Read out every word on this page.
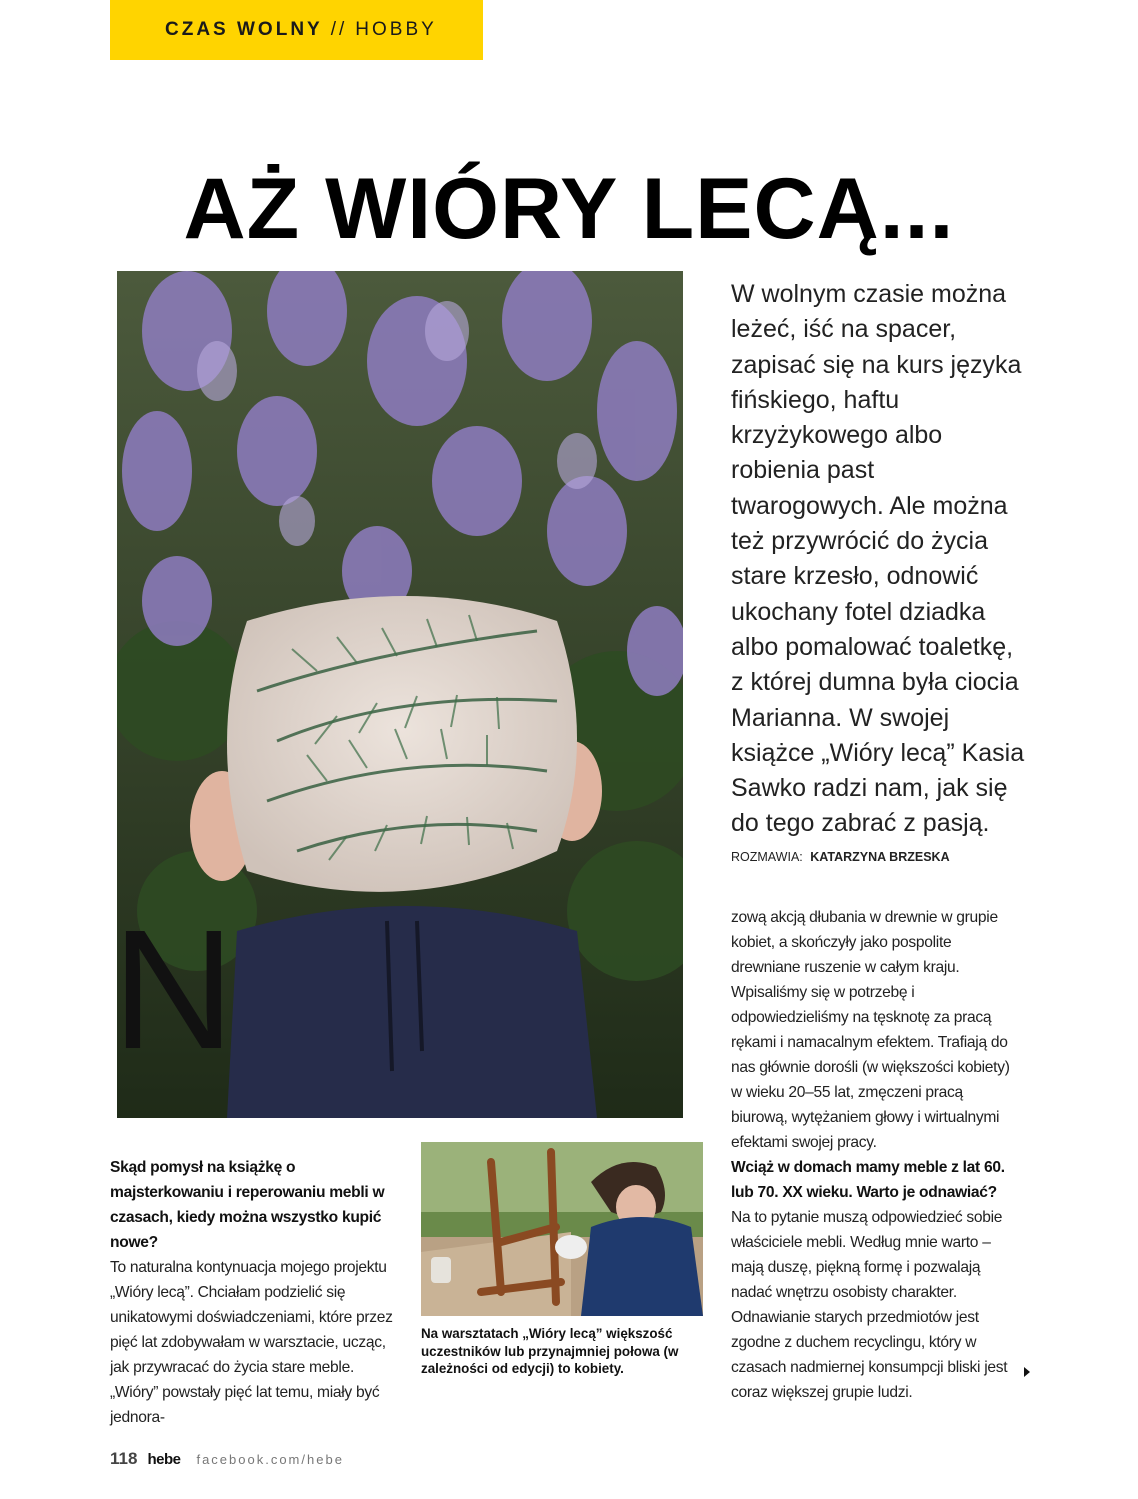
CZAS WOLNY // HOBBY
AŻ WIÓRY LECĄ...
N

W wolnym czasie można leżeć, iść na spacer, zapisać się na kurs języka fińskiego, haftu krzyżykowego albo robienia past twarogowych. Ale można też przywrócić do życia stare krzesło, odnowić ukochany fotel dziadka albo pomalować toaletkę, z której dumna była ciocia Marianna. W swojej książce „Wióry lecą” Kasia Sawko radzi nam, jak się do tego zabrać z pasją.

ROZMAWIA: KATARZYNA BRZESKA

Skąd pomysł na książkę o majsterkowaniu i reperowaniu mebli w czasach, kiedy można wszystko kupić nowe?

To naturalna kontynuacja mojego projektu „Wióry lecą”. Chciałam podzielić się unikatowymi doświadczeniami, które przez pięć lat zdobywałam w warsztacie, ucząc, jak przywracać do życia stare meble. „Wióry” powstały pięć lat temu, miały być jednora-

Na warsztatach „Wióry lecą” większość uczestników lub przynajmniej połowa (w zależności od edycji) to kobiety.

zową akcją dłubania w drewnie w grupie kobiet, a skończyły jako pospolite drewniane ruszenie w całym kraju. Wpisaliśmy się w potrzebę i odpowiedzieliśmy na tęsknotę za pracą rękami i namacalnym efektem. Trafiają do nas głównie dorośli (w większości kobiety) w wieku 20–55 lat, zmęczeni pracą biurową, wytężaniem głowy i wirtualnymi efektami swojej pracy.

Wciąż w domach mamy meble z lat 60. lub 70. XX wieku. Warto je odnawiać?

Na to pytanie muszą odpowiedzieć sobie właściciele mebli. Według mnie warto – mają duszę, piękną formę i pozwalają nadać wnętrzu osobisty charakter. Odnawianie starych przedmiotów jest zgodne z duchem recyclingu, który w czasach nadmiernej konsumpcji bliski jest coraz większej grupie ludzi.

118 hebe facebook.com/hebe
